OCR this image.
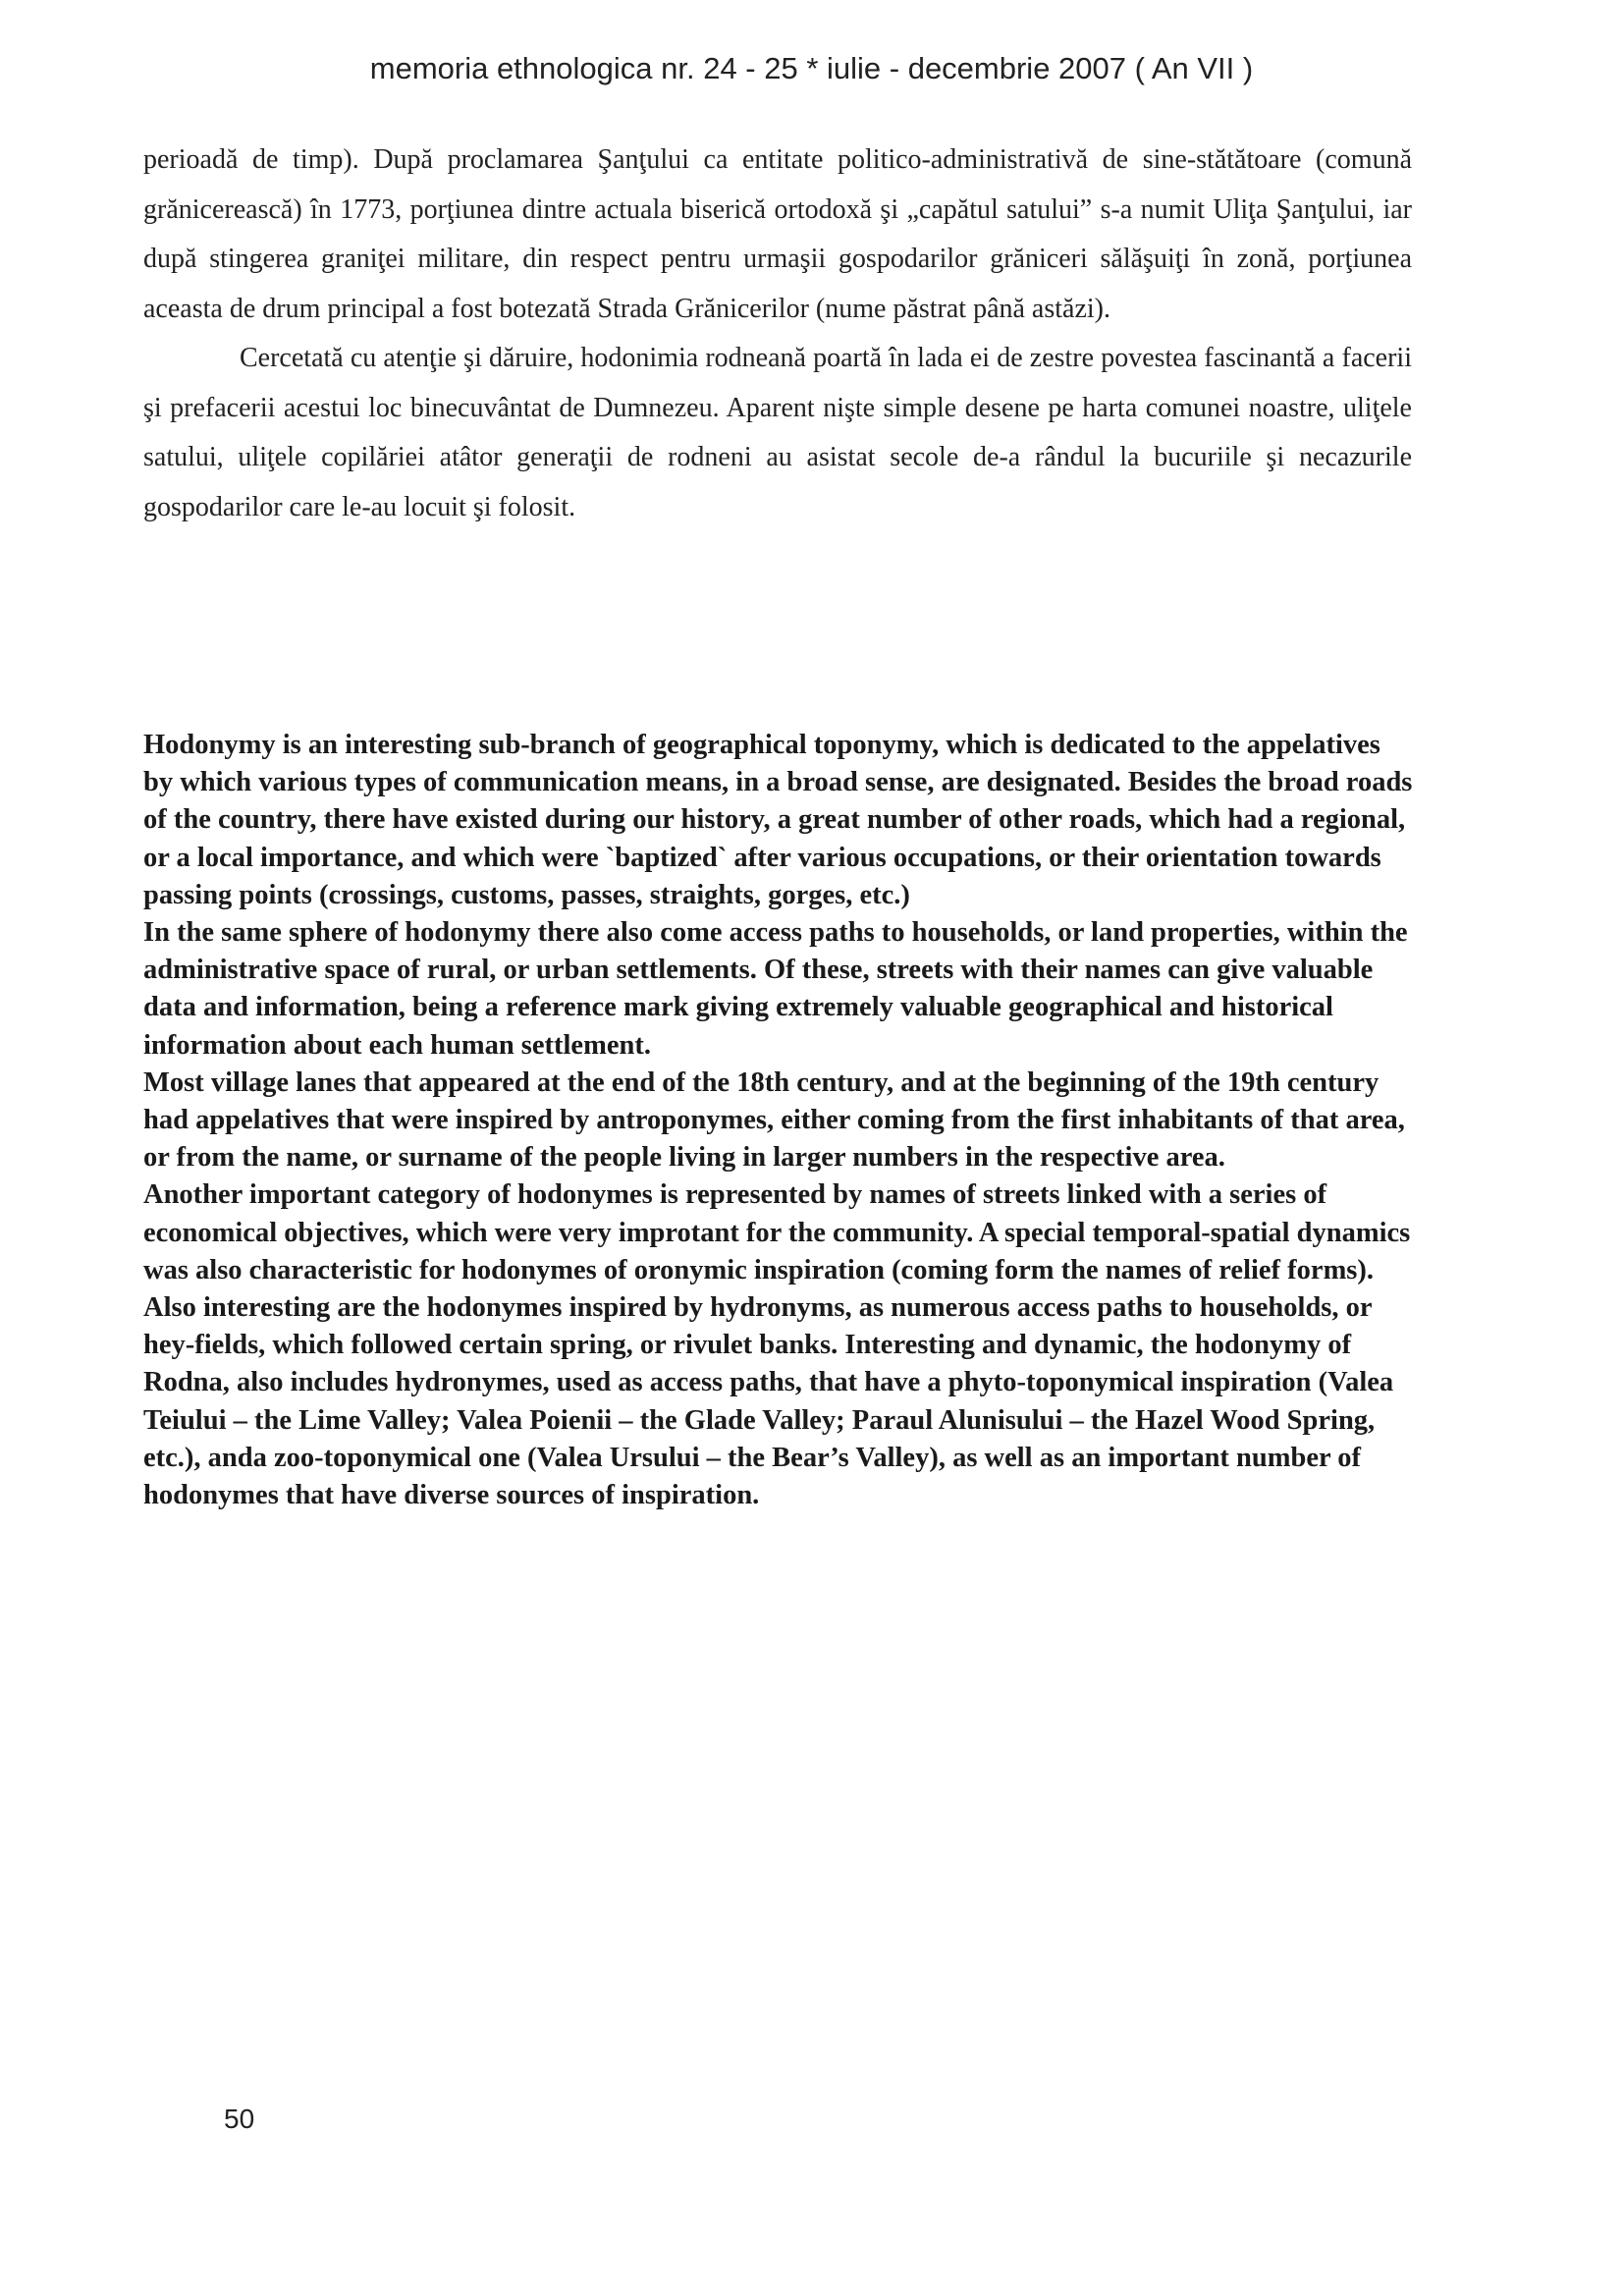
memoria ethnologica nr. 24 - 25 * iulie - decembrie 2007 ( An VII )

perioadă de timp). După proclamarea Şanţului ca entitate politico-administrativă de sine-stătătoare (comună grănicerească) în 1773, porţiunea dintre actuala biserică ortodoxă şi „capătul satului” s-a numit Uliţa Şanţului, iar după stingerea graniţei militare, din respect pentru urmaşii gospodarilor grăniceri sălăşuiţi în zonă, porţiunea aceasta de drum principal a fost botezată Strada Grănicerilor (nume păstrat până astăzi).

Cercetată cu atenţie şi dăruire, hodonimia rodneană poartă în lada ei de zestre povestea fascinantă a facerii şi prefacerii acestui loc binecuvântat de Dumnezeu. Aparent nişte simple desene pe harta comunei noastre, uliţele satului, uliţele copilăriei atâtor generaţii de rodneni au asistat secole de-a rândul la bucuriile şi necazurile gospodarilor care le-au locuit şi folosit.

Hodonymy is an interesting sub-branch of geographical toponymy, which is dedicated to the appelatives by which various types of communication means, in a broad sense, are designated. Besides the broad roads of the country, there have existed during our history, a great number of other roads, which had a regional, or a local importance, and which were `baptized` after various occupations, or their orientation towards passing points (crossings, customs, passes, straights, gorges, etc.)

In the same sphere of hodonymy there also come access paths to households, or land properties, within the administrative space of rural, or urban settlements. Of these, streets with their names can give valuable data and information, being a reference mark giving extremely valuable geographical and historical information about each human settlement.

Most village lanes that appeared at the end of the 18th century, and at the beginning of the 19th century had appelatives that were inspired by antroponymes, either coming from the first inhabitants of that area, or from the name, or surname of the people living in larger numbers in the respective area.

Another important category of hodonymes is represented by names of streets linked with a series of economical objectives, which were very improtant for the community. A special temporal-spatial dynamics was also characteristic for hodonymes of oronymic inspiration (coming form the names of relief forms).

Also interesting are the hodonymes inspired by hydronyms, as numerous access paths to households, or hey-fields, which followed certain spring, or rivulet banks. Interesting and dynamic, the hodonymy of Rodna, also includes hydronymes, used as access paths, that have a phyto-toponymical inspiration (Valea Teiului – the Lime Valley; Valea Poienii – the Glade Valley; Paraul Alunisului – the Hazel Wood Spring, etc.), anda zoo-toponymical one (Valea Ursului – the Bear’s Valley), as well as an important number of hodonymes that have diverse sources of inspiration.

50
